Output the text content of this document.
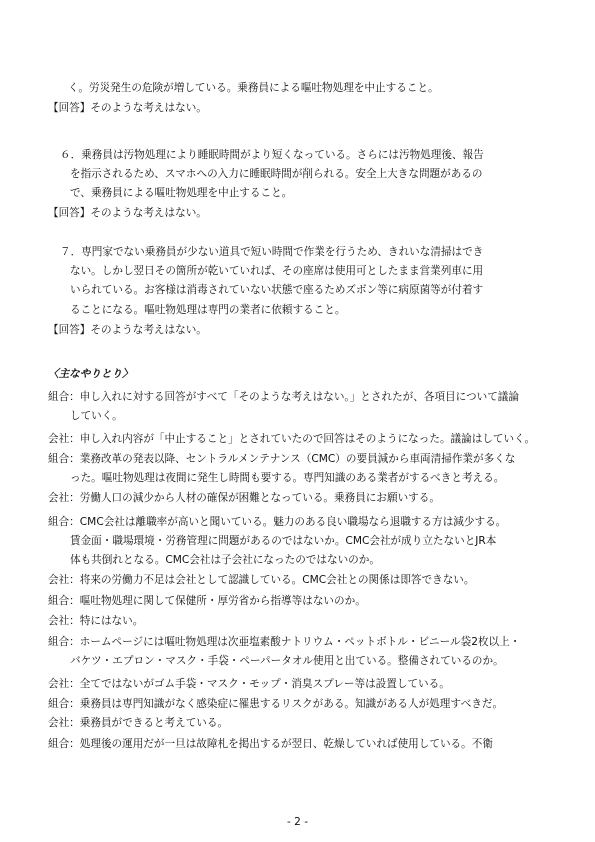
く。労災発生の危険が増している。乗務員による嘔吐物処理を中止すること。
【回答】そのような考えはない。
６．乗務員は汚物処理により睡眠時間がより短くなっている。さらには汚物処理後、報告
を指示されるため、スマホへの入力に睡眠時間が削られる。安全上大きな問題があるの
で、乗務員による嘔吐物処理を中止すること。
【回答】そのような考えはない。
７．専門家でない乗務員が少ない道具で短い時間で作業を行うため、きれいな清掃はでき
ない。しかし翌日その箇所が乾いていれば、その座席は使用可としたまま営業列車に用
いられている。お客様は消毒されていない状態で座るためズボン等に病原菌等が付着す
ることになる。嘔吐物処理は専門の業者に依頼すること。
【回答】そのような考えはない。
〈主なやりとり〉
組合：申し入れに対する回答がすべて「そのような考えはない。」とされたが、各項目について議論
していく。
会社：申し入れ内容が「中止すること」とされていたので回答はそのようになった。議論はしていく。
組合：業務改革の発表以降、セントラルメンテナンス（CMC）の要員減から車両清掃作業が多くな
った。嘔吐物処理は夜間に発生し時間も要する。専門知識のある業者がするべきと考える。
会社：労働人口の減少から人材の確保が困難となっている。乗務員にお願いする。
組合：CMC会社は離職率が高いと聞いている。魅力のある良い職場なら退職する方は減少する。
賃金面・職場環境・労務管理に問題があるのではないか。CMC会社が成り立たないとJR本
体も共倒れとなる。CMC会社は子会社になったのではないのか。
会社：将来の労働力不足は会社として認識している。CMC会社との関係は即答できない。
組合：嘔吐物処理に関して保健所・厚労省から指導等はないのか。
会社：特にはない。
組合：ホームページには嘔吐物処理は次亜塩素酸ナトリウム・ペットボトル・ビニール袋2枚以上・
バケツ・エプロン・マスク・手袋・ペーパータオル使用と出ている。整備されているのか。
会社：全てではないがゴム手袋・マスク・モップ・消臭スプレー等は設置している。
組合：乗務員は専門知識がなく感染症に罹患するリスクがある。知識がある人が処理すべきだ。
会社：乗務員ができると考えている。
組合：処理後の運用だが一旦は故障札を掲出するが翌日、乾燥していれば使用している。不衛
- 2 -
